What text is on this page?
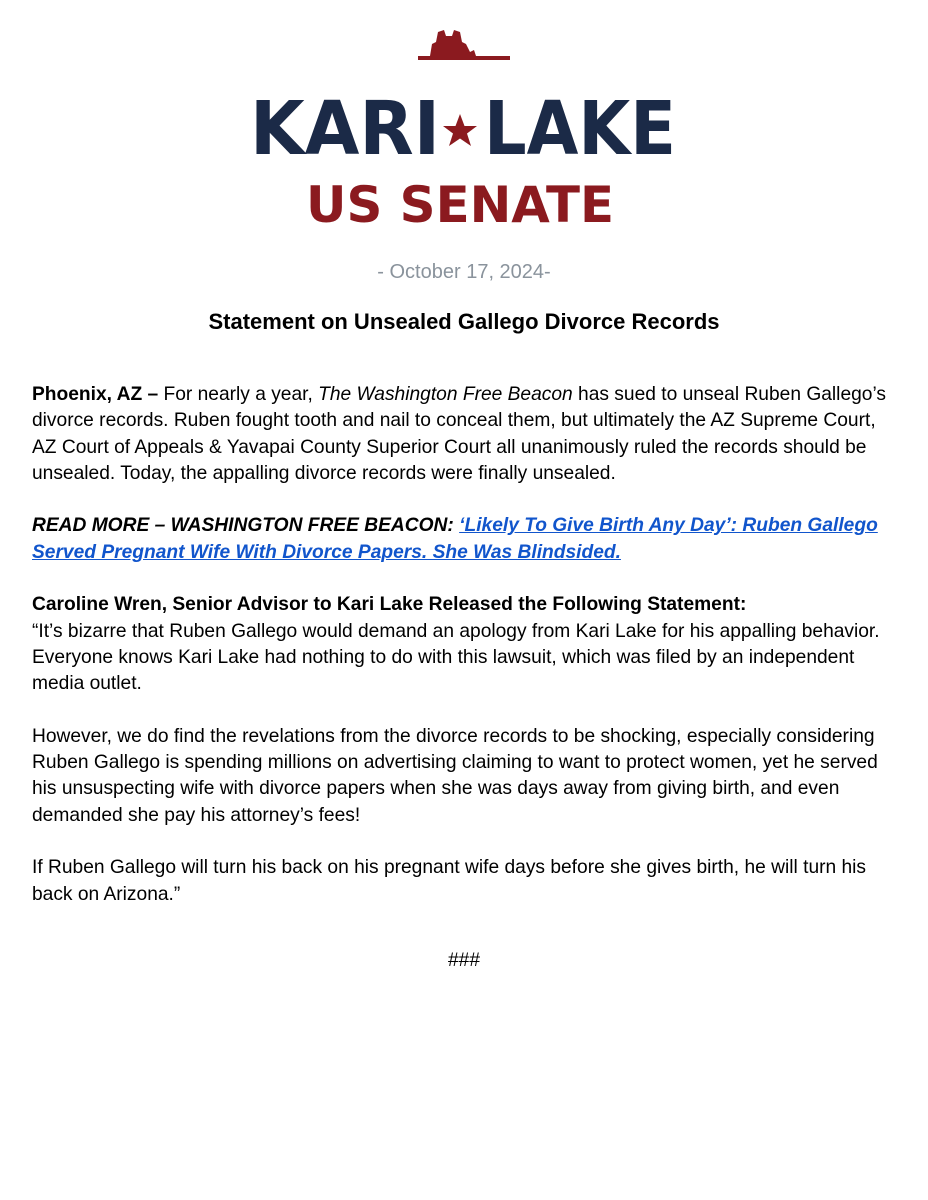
KARI LAKE
US SENATE
- October 17, 2024-
Statement on Unsealed Gallego Divorce Records

Phoenix, AZ – For nearly a year, The Washington Free Beacon has sued to unseal Ruben Gallego’s divorce records. Ruben fought tooth and nail to conceal them, but ultimately the AZ Supreme Court, AZ Court of Appeals & Yavapai County Superior Court all unanimously ruled the records should be unsealed. Today, the appalling divorce records were finally unsealed.

READ MORE – WASHINGTON FREE BEACON: ‘Likely To Give Birth Any Day’: Ruben Gallego Served Pregnant Wife With Divorce Papers. She Was Blindsided.

Caroline Wren, Senior Advisor to Kari Lake Released the Following Statement:
“It’s bizarre that Ruben Gallego would demand an apology from Kari Lake for his appalling behavior. Everyone knows Kari Lake had nothing to do with this lawsuit, which was filed by an independent media outlet.

However, we do find the revelations from the divorce records to be shocking, especially considering Ruben Gallego is spending millions on advertising claiming to want to protect women, yet he served his unsuspecting wife with divorce papers when she was days away from giving birth, and even demanded she pay his attorney’s fees!

If Ruben Gallego will turn his back on his pregnant wife days before she gives birth, he will turn his back on Arizona.”

###
